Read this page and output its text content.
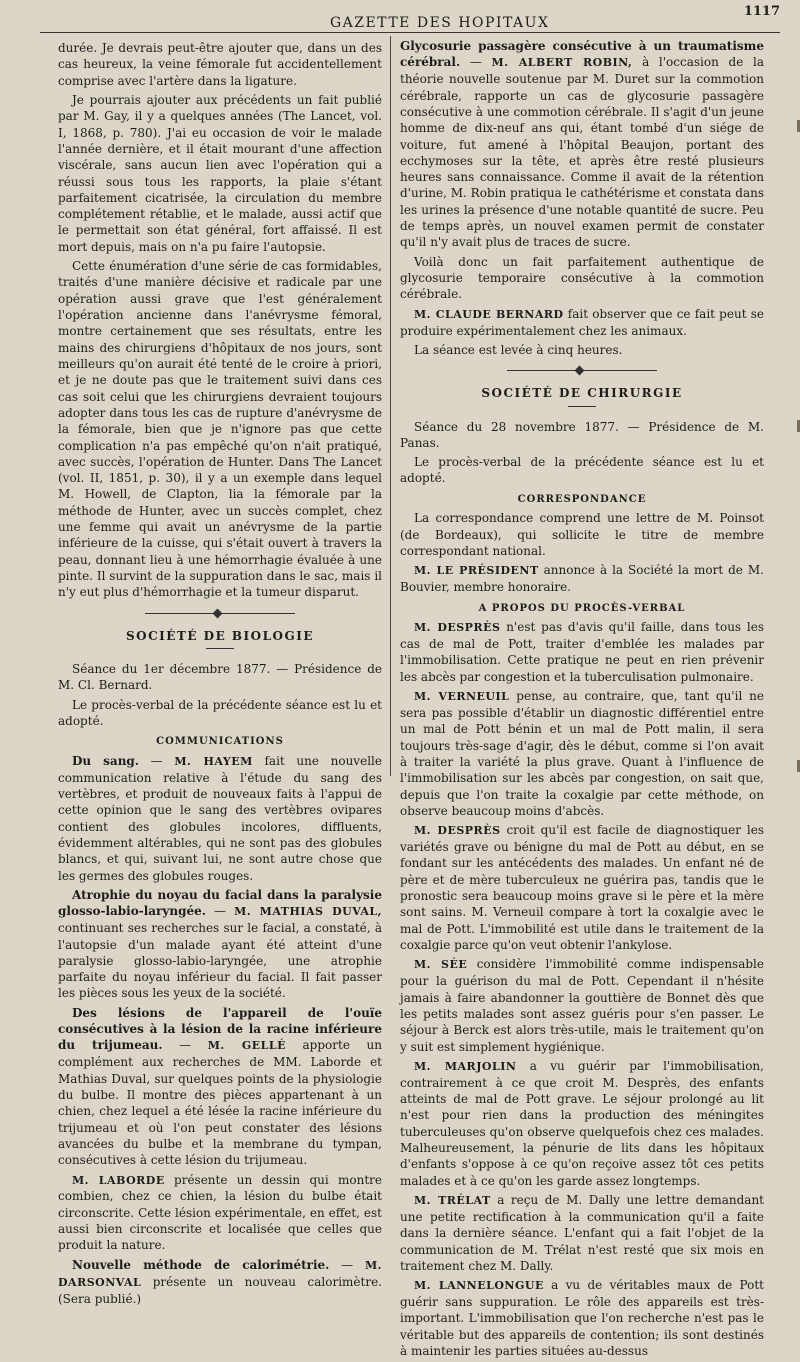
GAZETTE DES HOPITAUX
1117

durée. Je devrais peut-être ajouter que, dans un des cas heureux, la veine fémorale fut accidentellement comprise avec l'artère dans la ligature.

Je pourrais ajouter aux précédents un fait publié par M. Gay, il y a quelques années (The Lancet, vol. I, 1868, p. 780). J'ai eu occasion de voir le malade l'année dernière, et il était mourant d'une affection viscérale, sans aucun lien avec l'opération qui a réussi sous tous les rapports, la plaie s'étant parfaitement cicatrisée, la circulation du membre complétement rétablie, et le malade, aussi actif que le permettait son état général, fort affaissé. Il est mort depuis, mais on n'a pu faire l'autopsie.

Cette énumération d'une série de cas formidables, traités d'une manière décisive et radicale par une opération aussi grave que l'est généralement l'opération ancienne dans l'anévrysme fémoral, montre certainement que ses résultats, entre les mains des chirurgiens d'hôpitaux de nos jours, sont meilleurs qu'on aurait été tenté de le croire à priori, et je ne doute pas que le traitement suivi dans ces cas soit celui que les chirurgiens devraient toujours adopter dans tous les cas de rupture d'anévrysme de la fémorale, bien que je n'ignore pas que cette complication n'a pas empêché qu'on n'ait pratiqué, avec succès, l'opération de Hunter. Dans The Lancet (vol. II, 1851, p. 30), il y a un exemple dans lequel M. Howell, de Clapton, lia la fémorale par la méthode de Hunter, avec un succès complet, chez une femme qui avait un anévrysme de la partie inférieure de la cuisse, qui s'était ouvert à travers la peau, donnant lieu à une hémorrhagie évaluée à une pinte. Il survint de la suppuration dans le sac, mais il n'y eut plus d'hémorrhagie et la tumeur disparut.

SOCIÉTÉ DE BIOLOGIE

Séance du 1er décembre 1877. — Présidence de M. Cl. Bernard.

Le procès-verbal de la précédente séance est lu et adopté.

COMMUNICATIONS

Du sang. — M. HAYEM fait une nouvelle communication relative à l'étude du sang des vertèbres, et produit de nouveaux faits à l'appui de cette opinion que le sang des vertèbres ovipares contient des globules incolores, diffluents, évidemment altérables, qui ne sont pas des globules blancs, et qui, suivant lui, ne sont autre chose que les germes des globules rouges.

Atrophie du noyau du facial dans la paralysie glosso-labio-laryngée. — M. MATHIAS DUVAL, continuant ses recherches sur le facial, a constaté, à l'autopsie d'un malade ayant été atteint d'une paralysie glosso-labio-laryngée, une atrophie parfaite du noyau inférieur du facial. Il fait passer les pièces sous les yeux de la société.

Des lésions de l'appareil de l'ouïe consécutives à la lésion de la racine inférieure du trijumeau. — M. GELLÉ apporte un complément aux recherches de MM. Laborde et Mathias Duval, sur quelques points de la physiologie du bulbe. Il montre des pièces appartenant à un chien, chez lequel a été lésée la racine inférieure du trijumeau et où l'on peut constater des lésions avancées du bulbe et la membrane du tympan, consécutives à cette lésion du trijumeau.

M. LABORDE présente un dessin qui montre combien, chez ce chien, la lésion du bulbe était circonscrite. Cette lésion expérimentale, en effet, est aussi bien circonscrite et localisée que celles que produit la nature.

Nouvelle méthode de calorimétrie. — M. DARSONVAL présente un nouveau calorimètre. (Sera publié.)

Glycosurie passagère consécutive à un traumatisme cérébral. — M. ALBERT ROBIN, à l'occasion de la théorie nouvelle soutenue par M. Duret sur la commotion cérébrale, rapporte un cas de glycosurie passagère consécutive à une commotion cérébrale. Il s'agit d'un jeune homme de dix-neuf ans qui, étant tombé d'un siége de voiture, fut amené à l'hôpital Beaujon, portant des ecchymoses sur la tête, et après être resté plusieurs heures sans connaissance. Comme il avait de la rétention d'urine, M. Robin pratiqua le cathétérisme et constata dans les urines la présence d'une notable quantité de sucre. Peu de temps après, un nouvel examen permit de constater qu'il n'y avait plus de traces de sucre.

Voilà donc un fait parfaitement authentique de glycosurie temporaire consécutive à la commotion cérébrale.

M. CLAUDE BERNARD fait observer que ce fait peut se produire expérimentalement chez les animaux.

La séance est levée à cinq heures.

SOCIÉTÉ DE CHIRURGIE

Séance du 28 novembre 1877. — Présidence de M. Panas.

Le procès-verbal de la précédente séance est lu et adopté.

CORRESPONDANCE

La correspondance comprend une lettre de M. Poinsot (de Bordeaux), qui sollicite le titre de membre correspondant national.

M. LE PRÉSIDENT annonce à la Société la mort de M. Bouvier, membre honoraire.

A PROPOS DU PROCÈS-VERBAL

M. DESPRÈS n'est pas d'avis qu'il faille, dans tous les cas de mal de Pott, traiter d'emblée les malades par l'immobilisation. Cette pratique ne peut en rien prévenir les abcès par congestion et la tuberculisation pulmonaire.

M. VERNEUIL pense, au contraire, que, tant qu'il ne sera pas possible d'établir un diagnostic différentiel entre un mal de Pott bénin et un mal de Pott malin, il sera toujours très-sage d'agir, dès le début, comme si l'on avait à traiter la variété la plus grave. Quant à l'influence de l'immobilisation sur les abcès par congestion, on sait que, depuis que l'on traite la coxalgie par cette méthode, on observe beaucoup moins d'abcès.

M. DESPRÈS croit qu'il est facile de diagnostiquer les variétés grave ou bénigne du mal de Pott au début, en se fondant sur les antécédents des malades. Un enfant né de père et de mère tuberculeux ne guérira pas, tandis que le pronostic sera beaucoup moins grave si le père et la mère sont sains. M. Verneuil compare à tort la coxalgie avec le mal de Pott. L'immobilité est utile dans le traitement de la coxalgie parce qu'on veut obtenir l'ankylose.

M. SÉE considère l'immobilité comme indispensable pour la guérison du mal de Pott. Cependant il n'hésite jamais à faire abandonner la gouttière de Bonnet dès que les petits malades sont assez guéris pour s'en passer. Le séjour à Berck est alors très-utile, mais le traitement qu'on y suit est simplement hygiénique.

M. MARJOLIN a vu guérir par l'immobilisation, contrairement à ce que croit M. Desprès, des enfants atteints de mal de Pott grave. Le séjour prolongé au lit n'est pour rien dans la production des méningites tuberculeuses qu'on observe quelquefois chez ces malades. Malheureusement, la pénurie de lits dans les hôpitaux d'enfants s'oppose à ce qu'on reçoive assez tôt ces petits malades et à ce qu'on les garde assez longtemps.

M. TRÉLAT a reçu de M. Dally une lettre demandant une petite rectification à la communication qu'il a faite dans la dernière séance. L'enfant qui a fait l'objet de la communication de M. Trélat n'est resté que six mois en traitement chez M. Dally.

M. LANNELONGUE a vu de véritables maux de Pott guérir sans suppuration. Le rôle des appareils est très-important. L'immobilisation que l'on recherche n'est pas le véritable but des appareils de contention; ils sont destinés à maintenir les parties situées au-dessus
